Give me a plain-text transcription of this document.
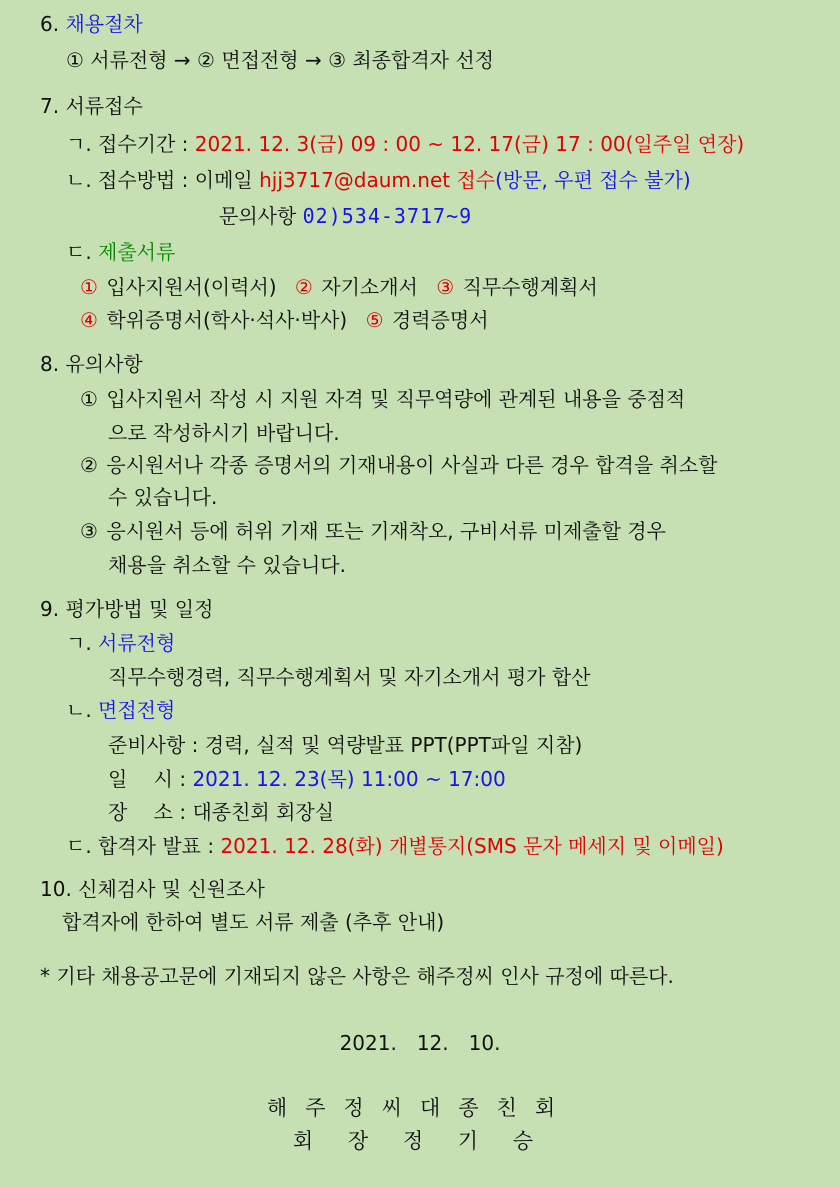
6. 채용절차
① 서류전형 → ② 면접전형 → ③ 최종합격자 선정
7. 서류접수
ㄱ. 접수기간 : 2021. 12. 3(금) 09 : 00 ~ 12. 17(금) 17 : 00(일주일 연장)
ㄴ. 접수방법 : 이메일 hjj3717@daum.net 접수(방문, 우편 접수 불가)
문의사항 02)534-3717~9
ㄷ. 제출서류
① 입사지원서(이력서) ② 자기소개서 ③ 직무수행계획서
④ 학위증명서(학사·석사·박사) ⑤ 경력증명서
8. 유의사항
① 입사지원서 작성 시 지원 자격 및 직무역량에 관계된 내용을 중점적
으로 작성하시기 바랍니다.
② 응시원서나 각종 증명서의 기재내용이 사실과 다른 경우 합격을 취소할
수 있습니다.
③ 응시원서 등에 허위 기재 또는 기재착오, 구비서류 미제출할 경우
채용을 취소할 수 있습니다.
9. 평가방법 및 일정
ㄱ. 서류전형
직무수행경력, 직무수행계획서 및 자기소개서 평가 합산
ㄴ. 면접전형
준비사항 : 경력, 실적 및 역량발표 PPT(PPT파일 지참)
일　 시 : 2021. 12. 23(목) 11:00 ~ 17:00
장　 소 : 대종친회 회장실
ㄷ. 합격자 발표 : 2021. 12. 28(화) 개별통지(SMS 문자 메세지 및 이메일)
10. 신체검사 및 신원조사
합격자에 한하여 별도 서류 제출 (추후 안내)
* 기타 채용공고문에 기재되지 않은 사항은 해주정씨 인사 규정에 따른다.
2021.　12.　10.
해주정씨대종친회
회 장 정 기 승
